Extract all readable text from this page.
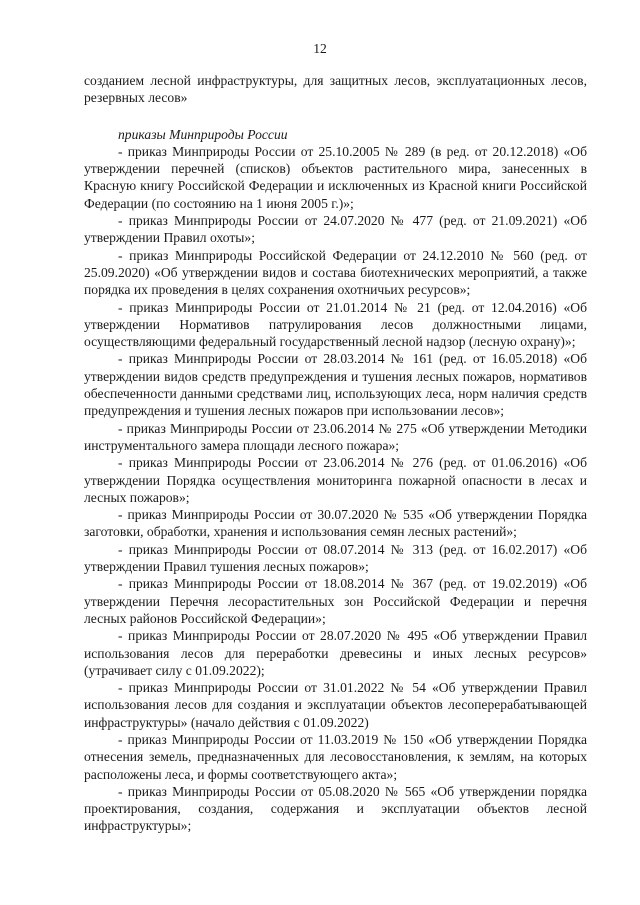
12

созданием лесной инфраструктуры, для защитных лесов, эксплуатационных лесов, резервных лесов»

приказы Минприроды России

- приказ Минприроды России от 25.10.2005 № 289 (в ред. от 20.12.2018) «Об утверждении перечней (списков) объектов растительного мира, занесенных в Красную книгу Российской Федерации и исключенных из Красной книги Российской Федерации (по состоянию на 1 июня 2005 г.)»;

- приказ Минприроды России от 24.07.2020 № 477 (ред. от 21.09.2021) «Об утверждении Правил охоты»;

- приказ Минприроды Российской Федерации от 24.12.2010 № 560 (ред. от 25.09.2020) «Об утверждении видов и состава биотехнических мероприятий, а также порядка их проведения в целях сохранения охотничьих ресурсов»;

- приказ Минприроды России от 21.01.2014 № 21 (ред. от 12.04.2016) «Об утверждении Нормативов патрулирования лесов должностными лицами, осуществляющими федеральный государственный лесной надзор (лесную охрану)»;

- приказ Минприроды России от 28.03.2014 № 161 (ред. от 16.05.2018) «Об утверждении видов средств предупреждения и тушения лесных пожаров, нормативов обеспеченности данными средствами лиц, использующих леса, норм наличия средств предупреждения и тушения лесных пожаров при использовании лесов»;

- приказ Минприроды России от 23.06.2014 № 275 «Об утверждении Методики инструментального замера площади лесного пожара»;

- приказ Минприроды России от 23.06.2014 № 276 (ред. от 01.06.2016) «Об утверждении Порядка осуществления мониторинга пожарной опасности в лесах и лесных пожаров»;

- приказ Минприроды России от 30.07.2020 № 535 «Об утверждении Порядка заготовки, обработки, хранения и использования семян лесных растений»;

- приказ Минприроды России от 08.07.2014 № 313 (ред. от 16.02.2017) «Об утверждении Правил тушения лесных пожаров»;

- приказ Минприроды России от 18.08.2014 № 367 (ред. от 19.02.2019) «Об утверждении Перечня лесорастительных зон Российской Федерации и перечня лесных районов Российской Федерации»;

- приказ Минприроды России от 28.07.2020 № 495 «Об утверждении Правил использования лесов для переработки древесины и иных лесных ресурсов» (утрачивает силу с 01.09.2022);

- приказ Минприроды России от 31.01.2022 № 54 «Об утверждении Правил использования лесов для создания и эксплуатации объектов лесоперерабатывающей инфраструктуры» (начало действия с 01.09.2022)

- приказ Минприроды России от 11.03.2019 № 150 «Об утверждении Порядка отнесения земель, предназначенных для лесовосстановления, к землям, на которых расположены леса, и формы соответствующего акта»;

- приказ Минприроды России от 05.08.2020 № 565 «Об утверждении порядка проектирования, создания, содержания и эксплуатации объектов лесной инфраструктуры»;
